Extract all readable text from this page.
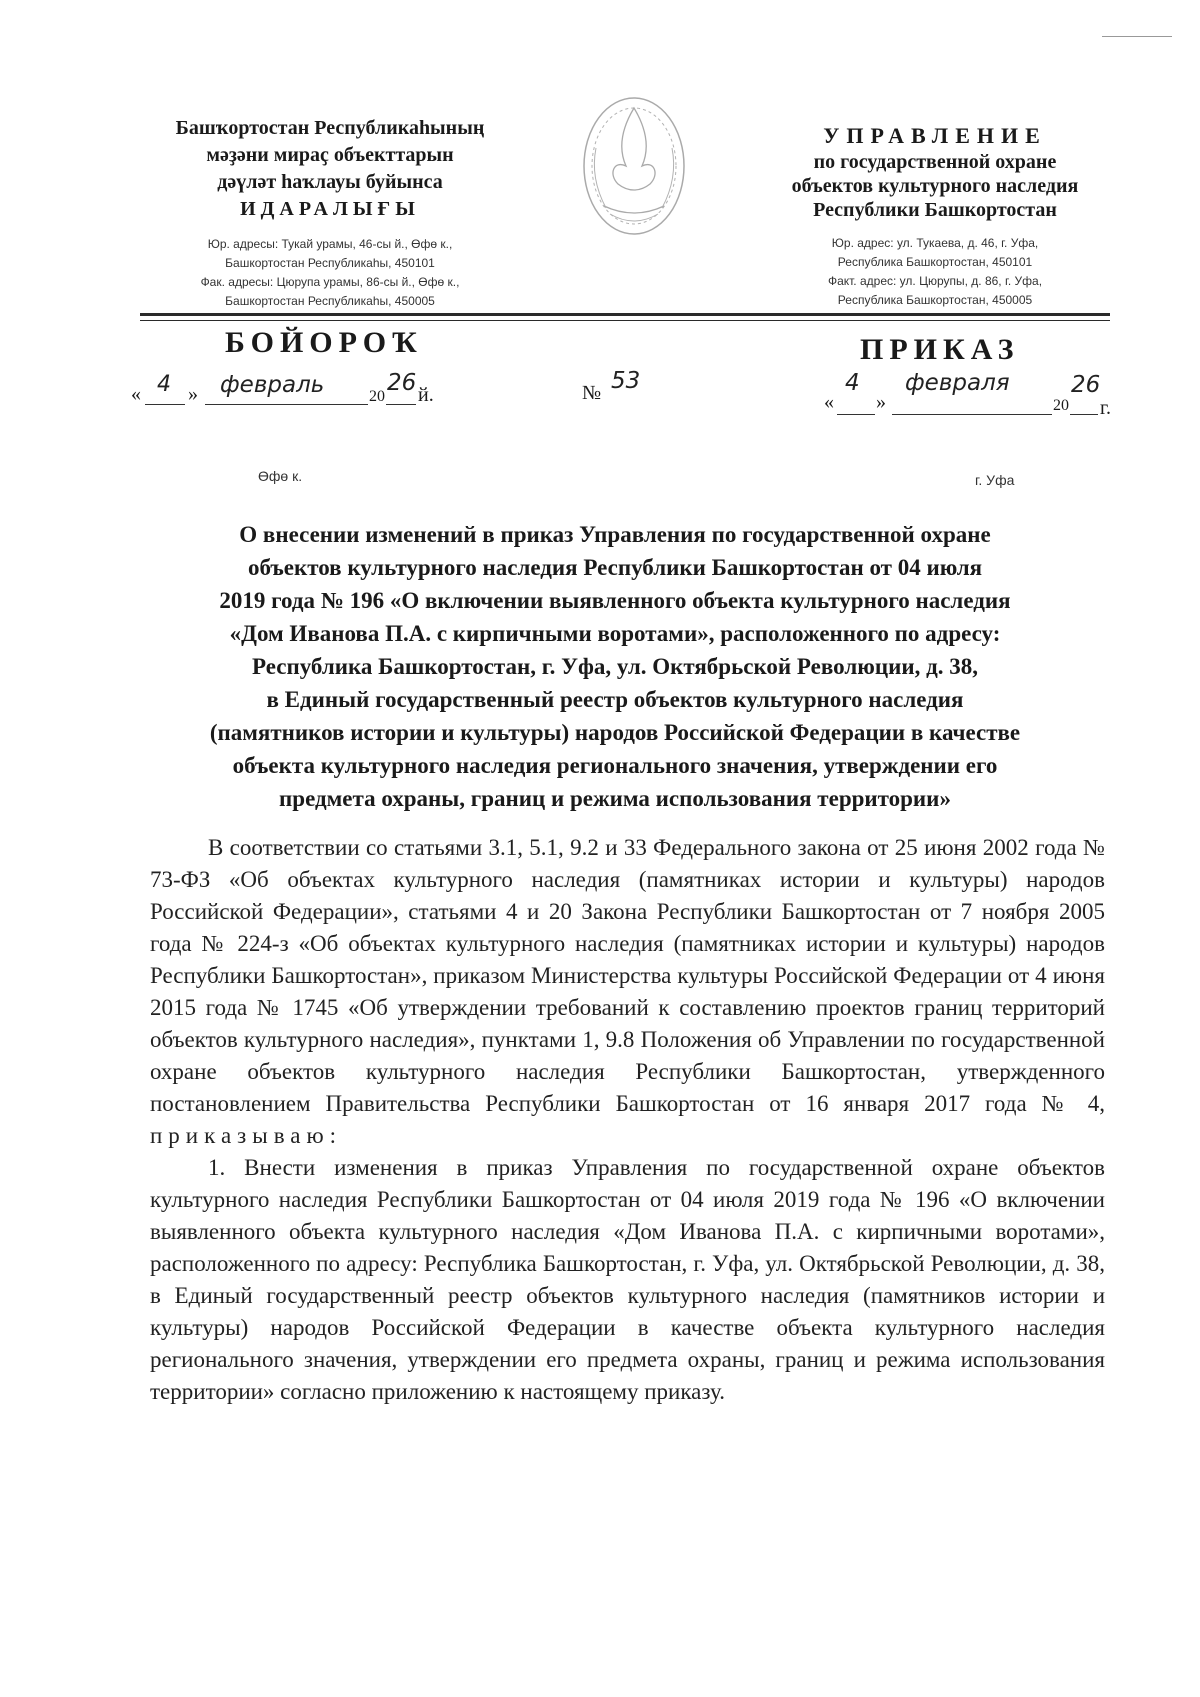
Башҡортостан Республикаһының
мәҙәни мираҫ объекттарын
дәүләт һаҡлауы буйынса
ИДАРАЛЫҒЫ
Юр. адресы: Тукай урамы, 46-сы й., Өфө к.,
Башкортостан Республикаhы, 450101
Фак. адресы: Цюрупа урамы, 86-сы й., Өфө к.,
Башкортостан Республикаhы, 450005
УПРАВЛЕНИЕ
по государственной охране
объектов культурного наследия
Республики Башкортостан
Юр. адрес: ул. Тукаева, д. 46, г. Уфа,
Республика Башкортостан, 450101
Факт. адрес: ул. Цюрупы, д. 86, г. Уфа,
Республика Башкортостан, 450005
БОЙОРОҠ	ПРИКАЗ
« 4 » февраль	20
26 й.	№ 53
«
4
»
февраля
20
26
г.
Өфө к.	г. Уфа
О внесении изменений в приказ Управления по государственной охране
объектов культурного наследия Республики Башкортостан от 04 июля
2019 года № 196 «О включении выявленного объекта культурного наследия
«Дом Иванова П.А. с кирпичными воротами», расположенного по адресу:
Республика Башкортостан, г. Уфа, ул. Октябрьской Революции, д. 38,
в Единый государственный реестр объектов культурного наследия
(памятников истории и культуры) народов Российской Федерации в качестве
объекта культурного наследия регионального значения, утверждении его
предмета охраны, границ и режима использования территории»

В соответствии со статьями 3.1, 5.1, 9.2 и 33 Федерального закона от 25 июня 2002 года № 73-ФЗ «Об объектах культурного наследия (памятниках истории и культуры) народов Российской Федерации», статьями 4 и 20 Закона Республики Башкортостан от 7 ноября 2005 года № 224-з «Об объектах культурного наследия (памятниках истории и культуры) народов Республики Башкортостан», приказом Министерства культуры Российской Федерации от 4 июня 2015 года № 1745 «Об утверждении требований к составлению проектов границ территорий объектов культурного наследия», пунктами 1, 9.8 Положения об Управлении по государственной охране объектов культурного наследия Республики Башкортостан, утвержденного постановлением Правительства Республики Башкортостан от 16 января 2017 года № 4, приказываю:

1. Внести изменения в приказ Управления по государственной охране объектов культурного наследия Республики Башкортостан от 04 июля 2019 года № 196 «О включении выявленного объекта культурного наследия «Дом Иванова П.А. с кирпичными воротами», расположенного по адресу: Республика Башкортостан, г. Уфа, ул. Октябрьской Революции, д. 38, в Единый государственный реестр объектов культурного наследия (памятников истории и культуры) народов Российской Федерации в качестве объекта культурного наследия регионального значения, утверждении его предмета охраны, границ и режима использования территории» согласно приложению к настоящему приказу.
